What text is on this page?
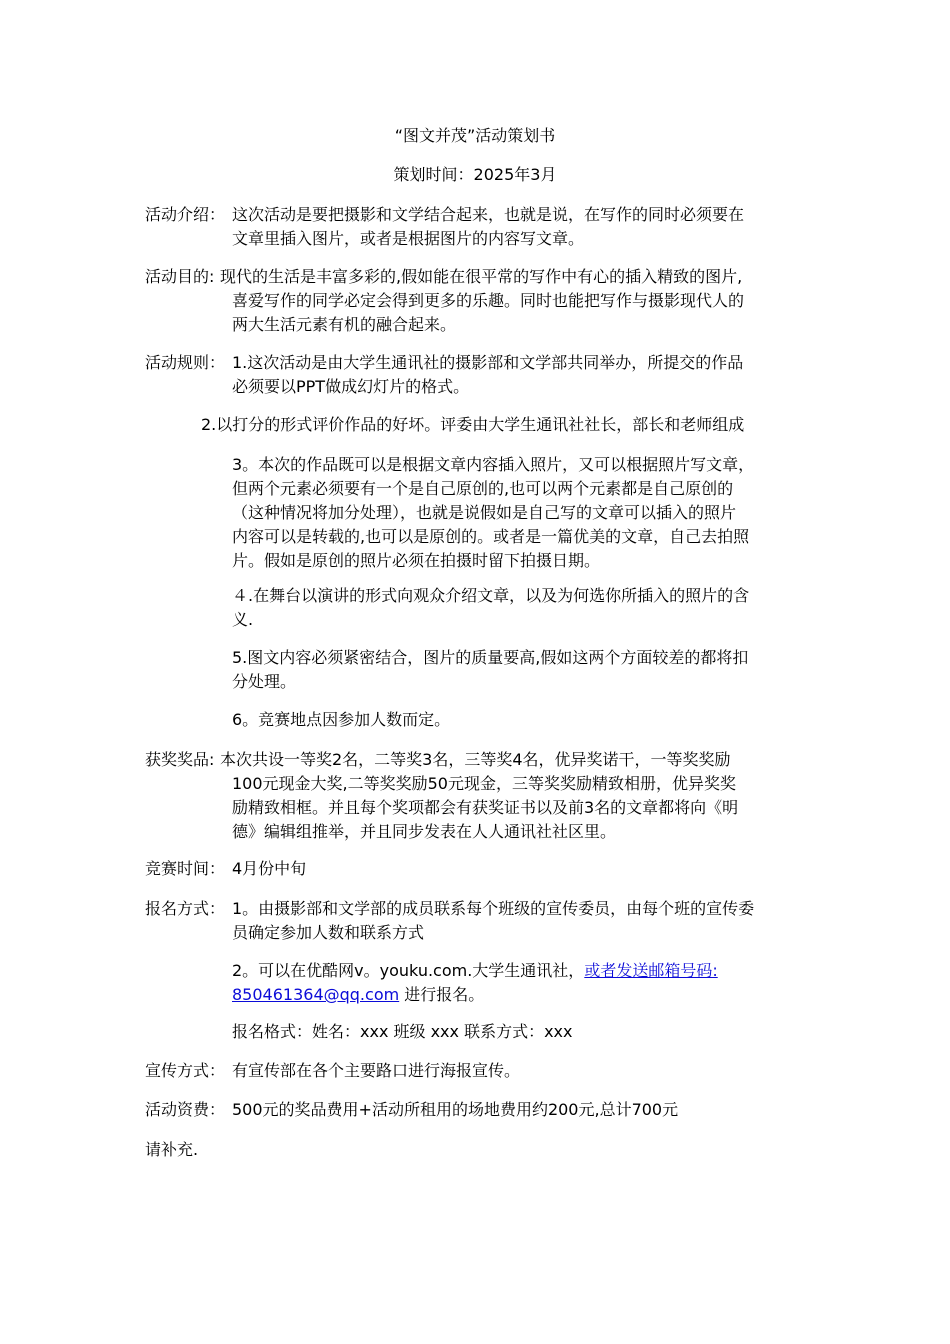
“图文并茂”活动策划书
策划时间：2025年3月
活动介绍： 这次活动是要把摄影和文学结合起来，也就是说，在写作的同时必须要在
文章里插入图片，或者是根据图片的内容写文章。
活动目的: 现代的生活是丰富多彩的,假如能在很平常的写作中有心的插入精致的图片,
喜爱写作的同学必定会得到更多的乐趣。同时也能把写作与摄影现代人的
两大生活元素有机的融合起来。
活动规则： 1.这次活动是由大学生通讯社的摄影部和文学部共同举办，所提交的作品
必须要以PPT做成幻灯片的格式。
2.以打分的形式评价作品的好坏。评委由大学生通讯社社长，部长和老师组成
3。本次的作品既可以是根据文章内容插入照片，又可以根据照片写文章，
但两个元素必须要有一个是自己原创的,也可以两个元素都是自己原创的
（这种情况将加分处理），也就是说假如是自己写的文章可以插入的照片
内容可以是转载的,也可以是原创的。或者是一篇优美的文章，自己去拍照
片。假如是原创的照片必须在拍摄时留下拍摄日期。
４.在舞台以演讲的形式向观众介绍文章，以及为何选你所插入的照片的含
义.
5.图文内容必须紧密结合，图片的质量要高,假如这两个方面较差的都将扣
分处理。
6。竞赛地点因参加人数而定。
获奖奖品: 本次共设一等奖2名，二等奖3名，三等奖4名，优异奖诺干，一等奖奖励
100元现金大奖,二等奖奖励50元现金，三等奖奖励精致相册，优异奖奖
励精致相框。并且每个奖项都会有获奖证书以及前3名的文章都将向《明
德》编辑组推举，并且同步发表在人人通讯社社区里。
竞赛时间： 4月份中旬
报名方式： 1。由摄影部和文学部的成员联系每个班级的宣传委员，由每个班的宣传委
员确定参加人数和联系方式
2。可以在优酷网v。youku.com.大学生通讯社，或者发送邮箱号码:
850461364@qq.com 进行报名。
报名格式：姓名：xxx 班级 xxx 联系方式：xxx
宣传方式： 有宣传部在各个主要路口进行海报宣传。
活动资费： 500元的奖品费用+活动所租用的场地费用约200元,总计700元
请补充.
